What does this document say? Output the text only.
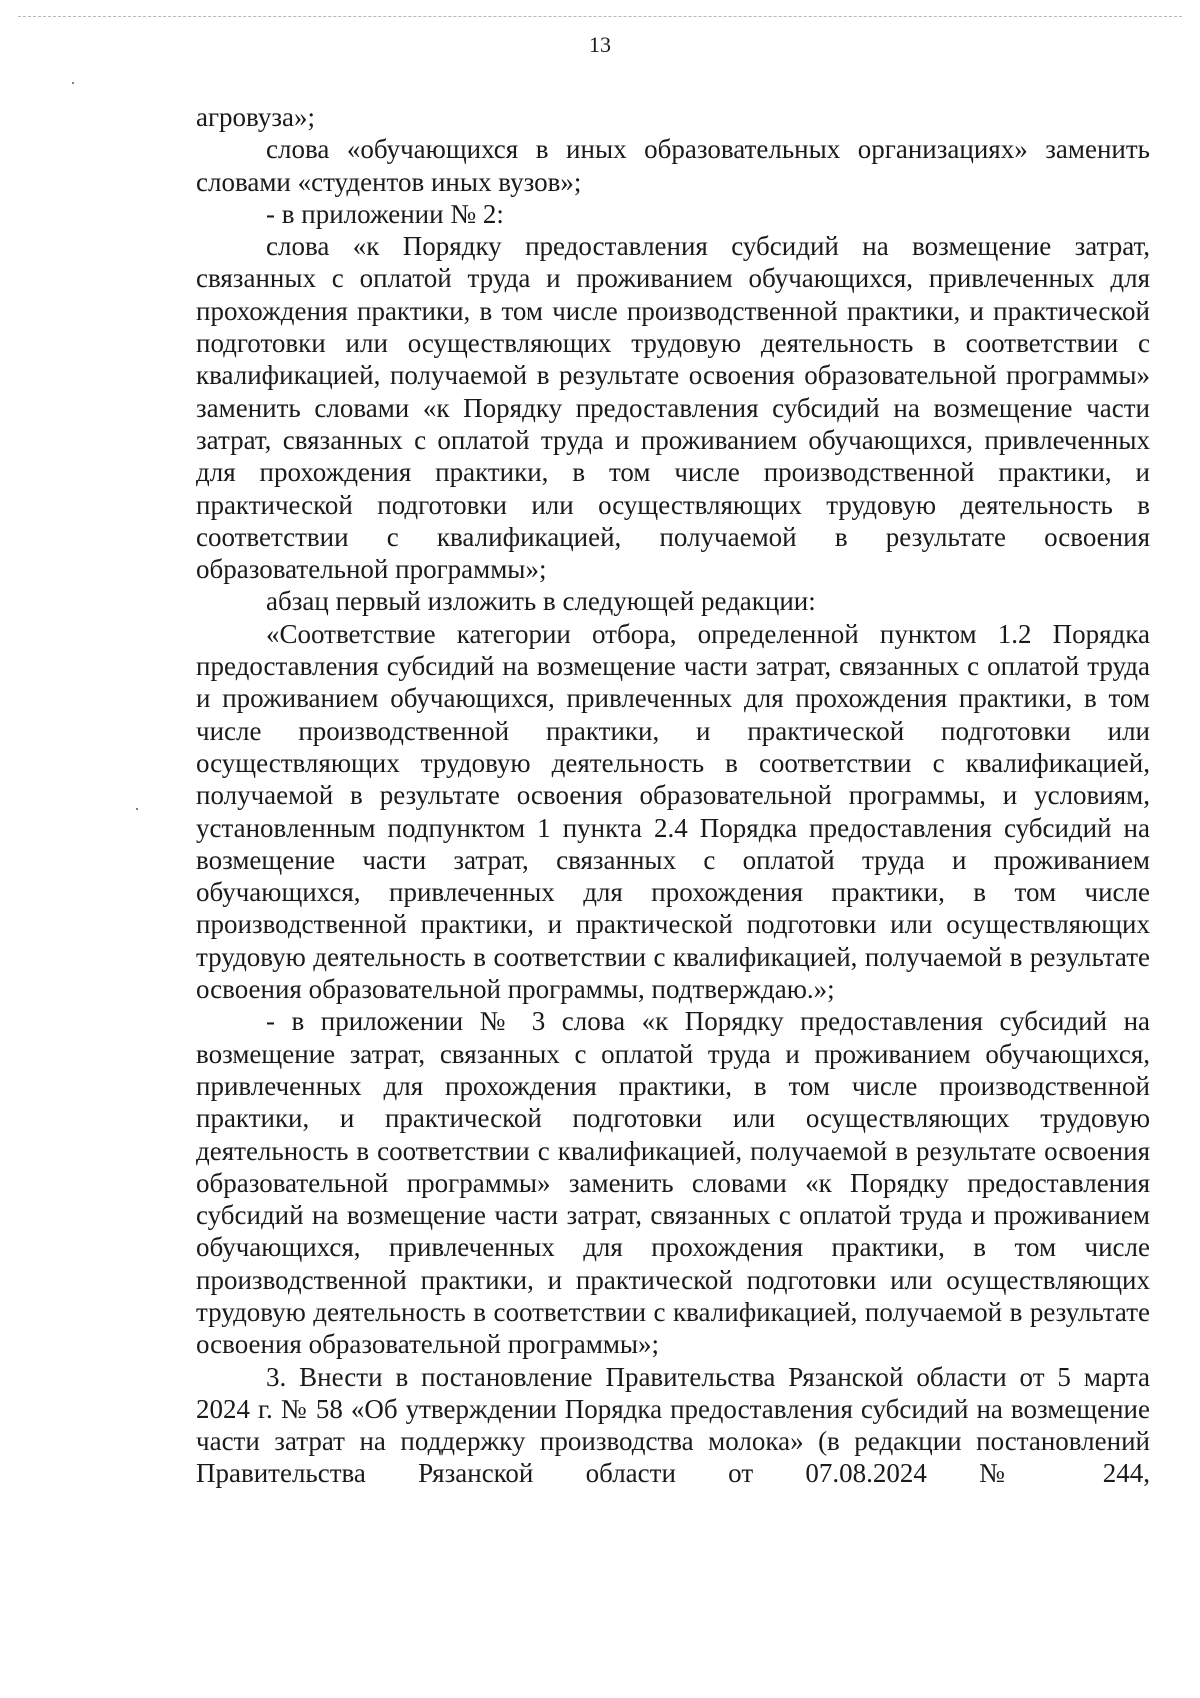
13

агровуза»;

слова «обучающихся в иных образовательных организациях» заменить словами «студентов иных вузов»;

- в приложении № 2:

слова «к Порядку предоставления субсидий на возмещение затрат, связанных с оплатой труда и проживанием обучающихся, привлеченных для прохождения практики, в том числе производственной практики, и практической подготовки или осуществляющих трудовую деятельность в соответствии с квалификацией, получаемой в результате освоения образовательной программы» заменить словами «к Порядку предоставления субсидий на возмещение части затрат, связанных с оплатой труда и проживанием обучающихся, привлеченных для прохождения практики, в том числе производственной практики, и практической подготовки или осуществляющих трудовую деятельность в соответствии с квалификацией, получаемой в результате освоения образовательной программы»;

абзац первый изложить в следующей редакции:

«Соответствие категории отбора, определенной пунктом 1.2 Порядка предоставления субсидий на возмещение части затрат, связанных с оплатой труда и проживанием обучающихся, привлеченных для прохождения практики, в том числе производственной практики, и практической подготовки или осуществляющих трудовую деятельность в соответствии с квалификацией, получаемой в результате освоения образовательной программы, и условиям, установленным подпунктом 1 пункта 2.4 Порядка предоставления субсидий на возмещение части затрат, связанных с оплатой труда и проживанием обучающихся, привлеченных для прохождения практики, в том числе производственной практики, и практической подготовки или осуществляющих трудовую деятельность в соответствии с квалификацией, получаемой в результате освоения образовательной программы, подтверждаю.»;

- в приложении № 3 слова «к Порядку предоставления субсидий на возмещение затрат, связанных с оплатой труда и проживанием обучающихся, привлеченных для прохождения практики, в том числе производственной практики, и практической подготовки или осуществляющих трудовую деятельность в соответствии с квалификацией, получаемой в результате освоения образовательной программы» заменить словами «к Порядку предоставления субсидий на возмещение части затрат, связанных с оплатой труда и проживанием обучающихся, привлеченных для прохождения практики, в том числе производственной практики, и практической подготовки или осуществляющих трудовую деятельность в соответствии с квалификацией, получаемой в результате освоения образовательной программы»;

3. Внести в постановление Правительства Рязанской области от 5 марта 2024 г. № 58 «Об утверждении Порядка предоставления субсидий на возмещение части затрат на поддержку производства молока» (в редакции постановлений Правительства Рязанской области от 07.08.2024 № 244,
